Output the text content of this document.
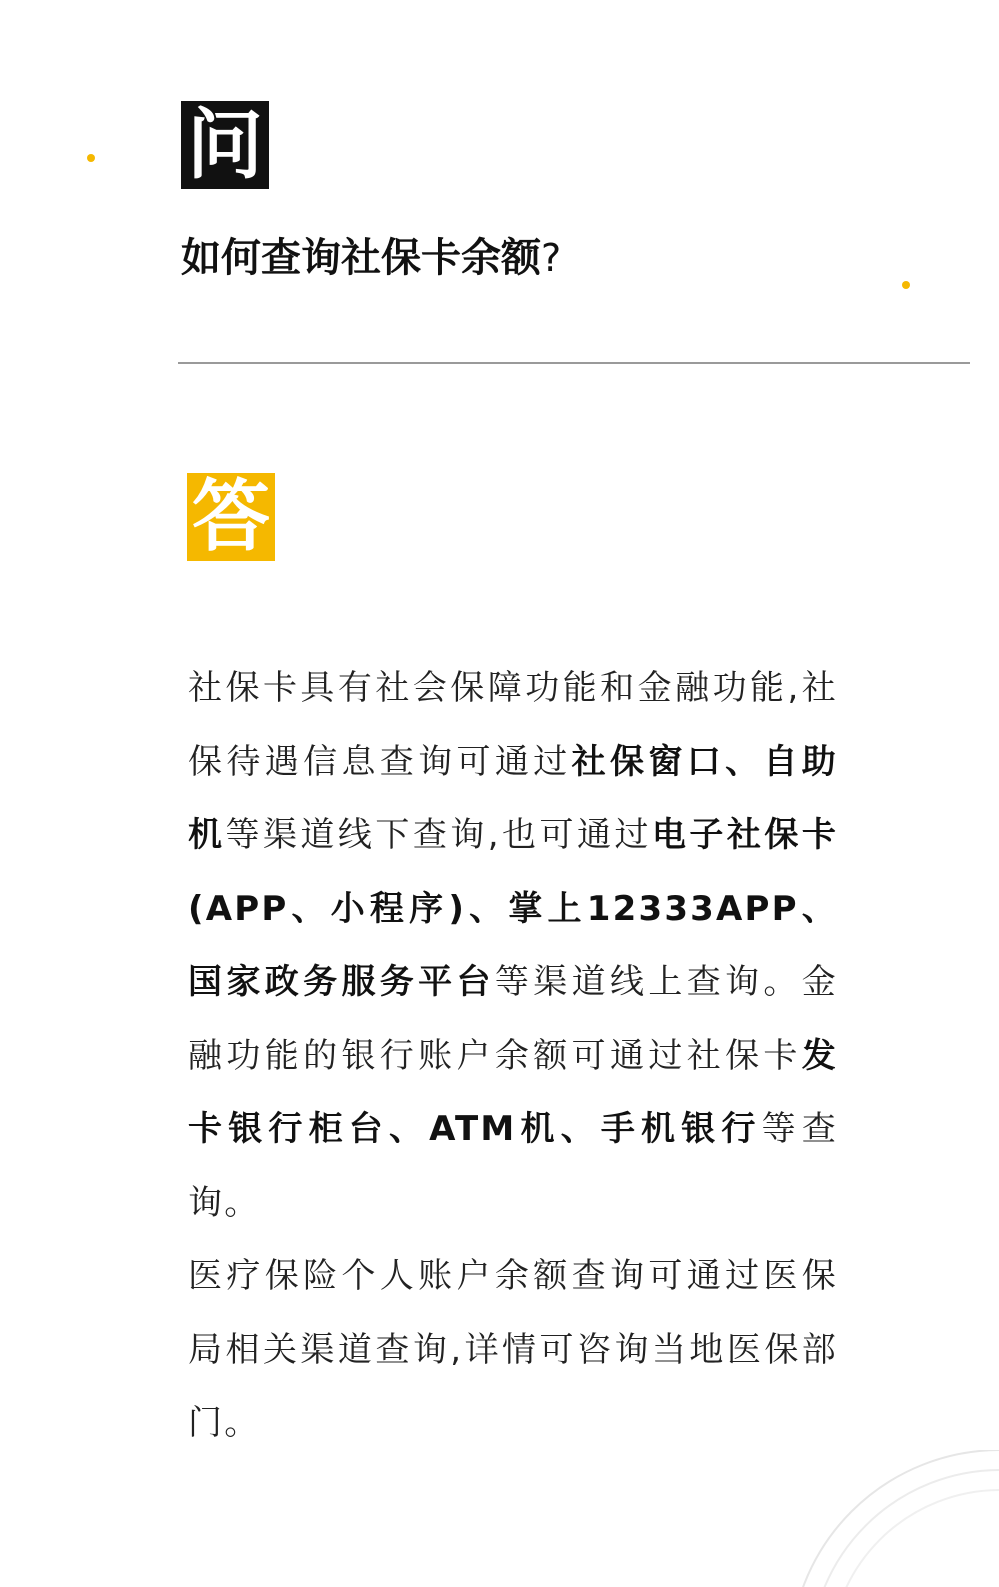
问
如何查询社保卡余额?
答

社保卡具有社会保障功能和金融功能,社保待遇信息查询可通过社保窗口、自助机等渠道线下查询,也可通过电子社保卡(APP、小程序)、掌上12333APP、国家政务服务平台等渠道线上查询。金融功能的银行账户余额可通过社保卡发卡银行柜台、ATM机、手机银行等查询。

医疗保险个人账户余额查询可通过医保局相关渠道查询,详情可咨询当地医保部门。
